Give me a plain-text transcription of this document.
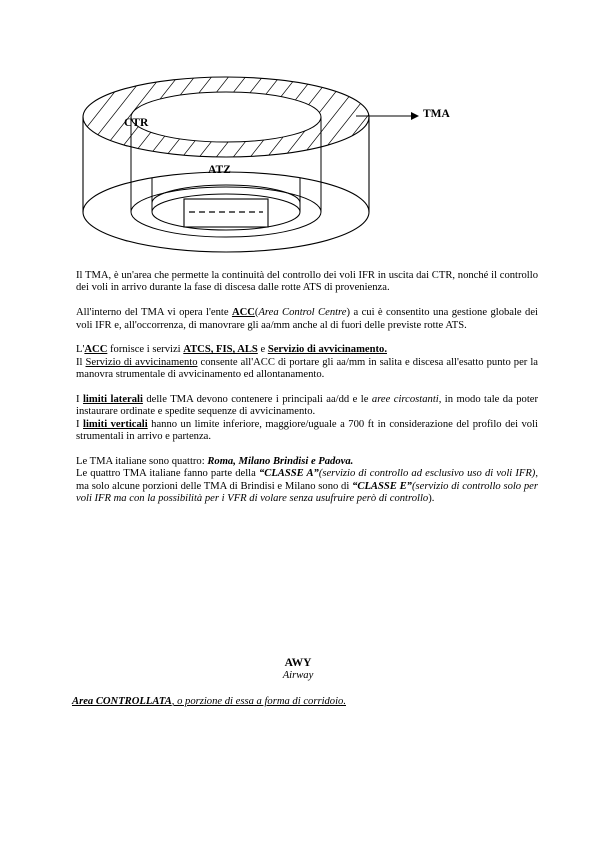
TMA
CTR
ATZ

Il TMA, è un'area che permette la continuità del controllo dei voli IFR in uscita dai CTR, nonché il controllo dei voli in arrivo durante la fase di discesa dalle rotte ATS di provenienza.

All'interno del TMA vi opera l'ente ACC(Area Control Centre) a cui è consentito una gestione globale dei voli IFR e, all'occorrenza, di manovrare gli aa/mm anche al di fuori delle previste rotte ATS.

L'ACC fornisce i servizi ATCS, FIS, ALS e Servizio di avvicinamento.

Il Servizio di avvicinamento consente all'ACC di portare gli aa/mm in salita e discesa all'esatto punto per la manovra strumentale di avvicinamento ed allontanamento.

I limiti laterali delle TMA devono contenere i principali aa/dd e le aree circostanti, in modo tale da poter instaurare ordinate e spedite sequenze di avvicinamento.

I limiti verticali hanno un limite inferiore, maggiore/uguale a 700 ft in considerazione del profilo dei voli strumentali in arrivo e partenza.

Le TMA italiane sono quattro: Roma, Milano Brindisi e Padova.

Le quattro TMA italiane fanno parte della “CLASSE A”(servizio di controllo ad esclusivo uso di voli IFR), ma solo alcune porzioni delle TMA di Brindisi e Milano sono di “CLASSE E”(servizio di controllo solo per voli IFR ma con la possibilità per i VFR di volare senza usufruire però di controllo).

AWY
Airway
Area CONTROLLATA, o porzione di essa a forma di corridoio.
